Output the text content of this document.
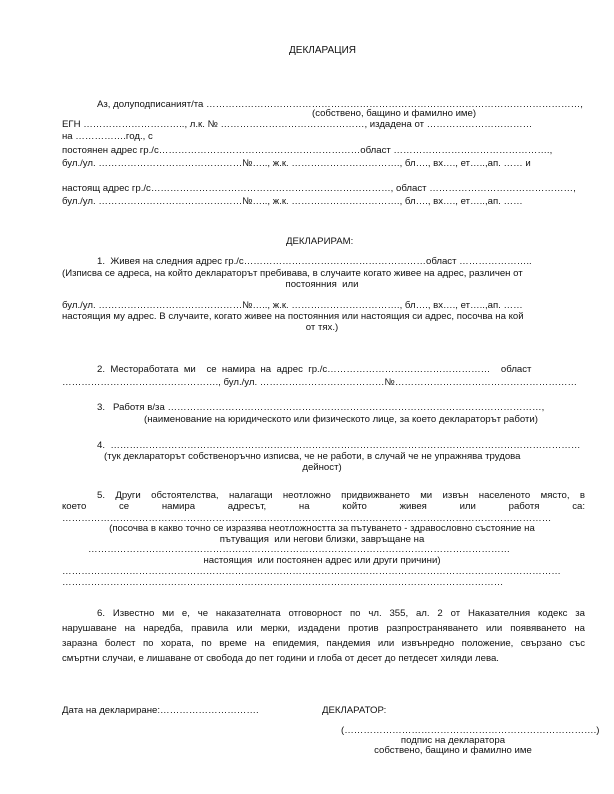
ДЕКЛАРАЦИЯ
Аз, долуподписаният/та ………………………………………………………………………………………………………,
(собствено, бащино и фамилно име)
ЕГН ………………………….., л.к. № ………………………………………, издадена от ……………………………
на …………….год., с
постоянен адрес гр./с………………………………………………………област ………………………………………….,
бул./ул. ………………………………………№….., ж.к. ……………………………., бл…., вх…., ет…..,ап. …… и
настоящ адрес гр./с…………………………………………………………………, област ………………………………………,
бул./ул. ………………………………………№….., ж.к. ……………………………., бл…., вх…., ет…..,ап. ……
ДЕКЛАРИРАМ:
1.  Живея на следния адрес гр./с…………………………………………………област …………………..
(Изписва се адреса, на който декларатoрът пребивава, в случаите когато живее на адрес, различен от
постоянния  или
бул./ул. ………………………………………№….., ж.к. ……………………………., бл…., вх…., ет…..,ап. ……
настоящия му адрес. В случаите, когато живее на постоянния или настоящия си адрес, посочва на кой
от тях.)
2.  Месторaботата  ми    се  намира  на  адрес  гр./с……………………………………………    област
…………………………………………., бул./ул. …………………………………№…………………………………………………
3.   Работя в/за ………………………………………………………………………………………………………,
(наименование на юридическото или физическото лице, за което декларатoрът работи)
4.  …………………………………………………………………………………………………………………………………
(тук декларатoрът собственоръчно изписва, че не работи, в случай че не упражнява трудова
дейност)
5. Други обстоятелства, налагащи неотложно придвижването ми извън населеното място, в
което се намира адресът, на който живея или работя са:
………………………………………………………………………………………………………………………………………
(посочва в какво точно се изразява неотложността за пътуването - здравословно състояние на
пътуващия  или негови близки, завръщане на
……………………………………………………………………………………………………………………
настоящия  или постоянен адрес или други причини)
…………………………………………………………………………………………………………………………………………
…………………………………………………………………………………………………………………………
6. Известно ми е, че наказателната отговорност по чл. 355, ал. 2 от Наказателния кодекс за
нарушаване на наредба, правила или мерки, издадени против разпространяването или появяването на
заразна болест по хората, по време на епидемия, пандемия или извънредно положение, свързано със
смъртни случаи, е лишаване от свобода до пет години и глоба от десет до петдесет хиляди лева.
Дата на деклариране:………………………….	ДЕКЛАРАТОР:
(…………………………………………………………………….)
подпис на декларатора
собствено, бащино и фамилно име
